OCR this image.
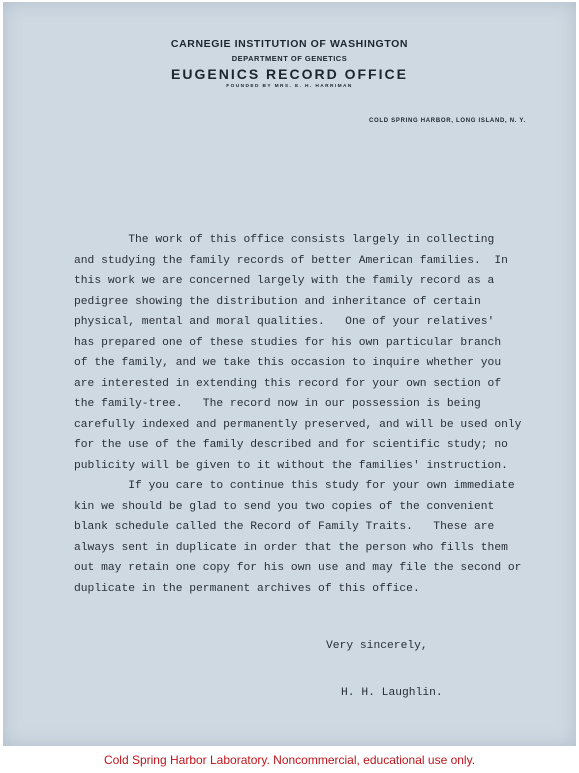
CARNEGIE INSTITUTION OF WASHINGTON
DEPARTMENT OF GENETICS
EUGENICS RECORD OFFICE
FOUNDED BY MRS. E. H. HARRIMAN
COLD SPRING HARBOR, LONG ISLAND, N. Y.
The work of this office consists largely in collecting
and studying the family records of better American families.  In
this work we are concerned largely with the family record as a
pedigree showing the distribution and inheritance of certain
physical, mental and moral qualities.   One of your relatives'
has prepared one of these studies for his own particular branch
of the family, and we take this occasion to inquire whether you
are interested in extending this record for your own section of
the family-tree.   The record now in our possession is being
carefully indexed and permanently preserved, and will be used only
for the use of the family described and for scientific study; no
publicity will be given to it without the families' instruction.
If you care to continue this study for your own immediate
kin we should be glad to send you two copies of the convenient
blank schedule called the Record of Family Traits.   These are
always sent in duplicate in order that the person who fills them
out may retain one copy for his own use and may file the second or
duplicate in the permanent archives of this office.
Very sincerely,
H. H. Laughlin.
Cold Spring Harbor Laboratory. Noncommercial, educational use only.
